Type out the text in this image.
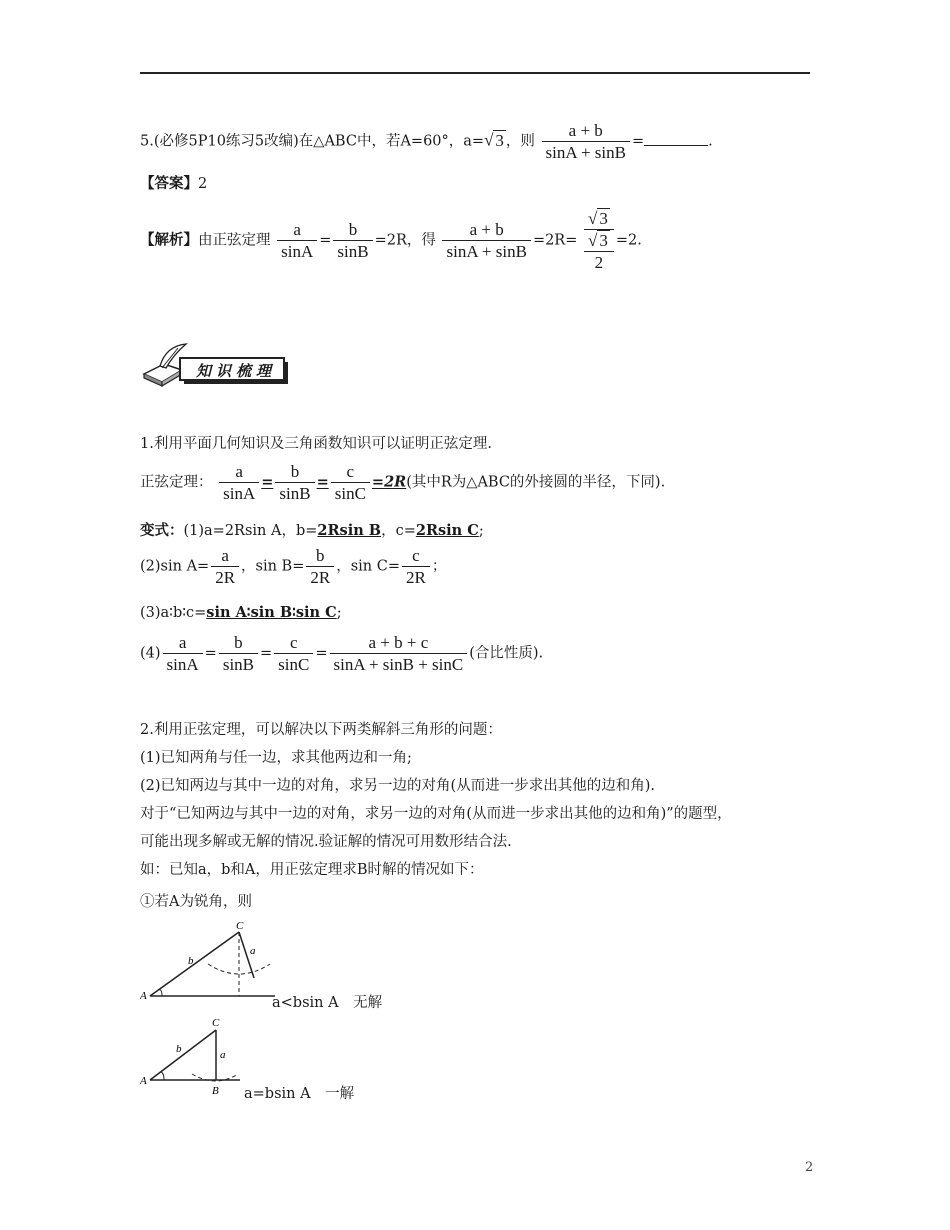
5.(必修5P10练习5改编)在△ABC中，若A=60°，a=√ 3 ，则 $\frac{a + b}{\sin A + \sin B}$ =	.
【答案】2
【解析】由正弦定理 $\frac{a}{\sin A} = \frac{b}{\sin B} =2R$，得 $\frac{a + b}{\sin A + \sin B} =2R=$
√ 3
√ 3
2
=2.
知识梳理
1.利用平面几何知识及三角函数知识可以证明正弦定理.
正弦定理： $\frac{a}{\sin A} = \frac{b}{\sin B} = \frac{c}{\sin C} =2R$(其中R为△ABC的外接圆的半径，下同).
变式：(1)a=2Rsin A，b=2Rsin B，c=2Rsin C;
(2)sin $A= \frac{a}{2R}$ ，$\sin B= \frac{b}{2R}$ ，$\sin C= \frac{c}{2R}$ ；
(3)a∶b∶c=sin A∶sin B∶sin C;
$(4) \frac{a}{\sin A} = \frac{b}{\sin B} = \frac{c}{\sin C} = \frac{a + b + c}{\sin A + \sin B + \sin C}$ (合比性质).
2.利用正弦定理，可以解决以下两类解斜三角形的问题：
(1)已知两角与任一边，求其他两边和一角;
(2)已知两边与其中一边的对角，求另一边的对角(从而进一步求出其他的边和角).
对于“已知两边与其中一边的对角，求另一边的对角(从而进一步求出其他的边和角)”的题型，
可能出现多解或无解的情况.验证解的情况可用数形结合法.
如：已知a，b和A，用正弦定理求B时解的情况如下：
①若A为锐角，则
C
A
b
a
a<bsin A　无解
C
A
B
b	a
a=bsin A　一解
2
